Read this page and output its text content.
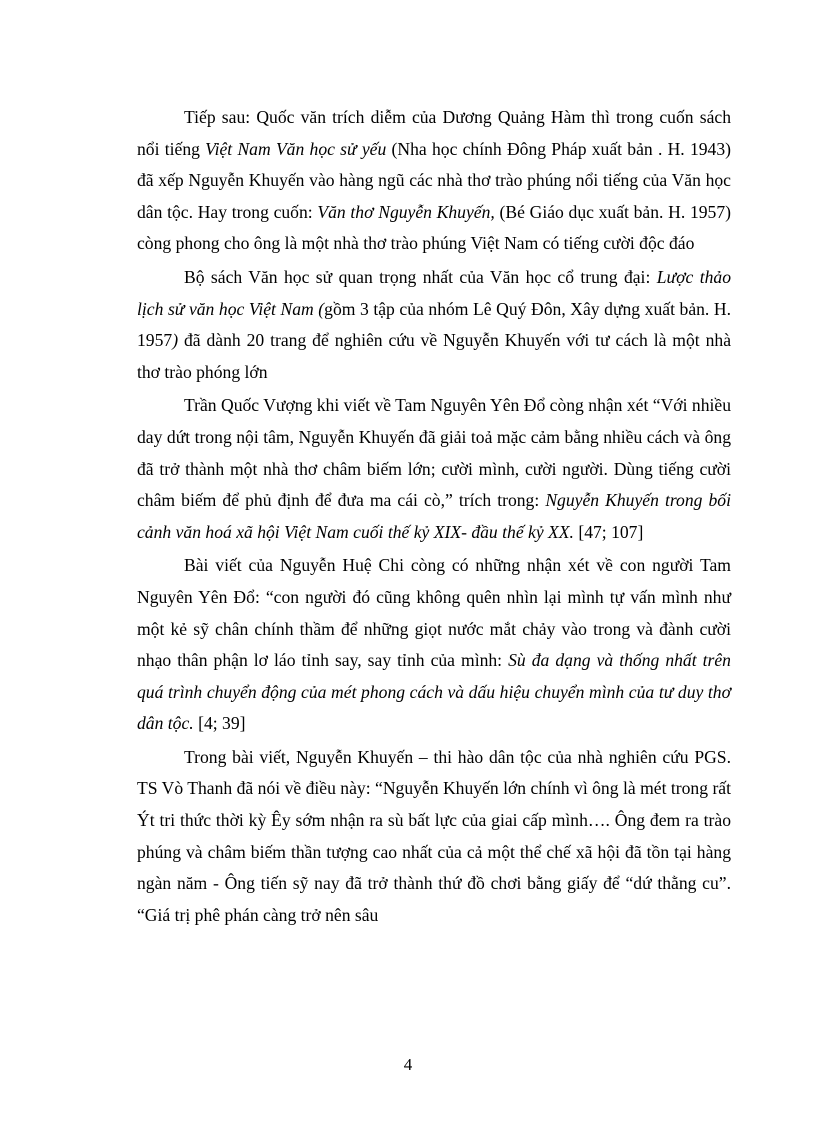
Tiếp sau: Quốc văn trích diễm của Dương Quảng Hàm thì trong cuốn sách nổi tiếng Việt Nam Văn học sử yếu (Nha học chính Đông Pháp xuất bản . H. 1943) đã xếp Nguyễn Khuyến vào hàng ngũ các nhà thơ trào phúng nổi tiếng của Văn học dân tộc. Hay trong cuốn: Văn thơ Nguyễn Khuyến, (Bé Giáo dục xuất bản. H. 1957) còng phong cho ông là một nhà thơ trào phúng Việt Nam có tiếng cười độc đáo

Bộ sách Văn học sử quan trọng nhất của Văn học cổ trung đại: Lược thảo lịch sử văn học Việt Nam (gồm 3 tập của nhóm Lê Quý Đôn, Xây dựng xuất bản. H. 1957) đã dành 20 trang để nghiên cứu về Nguyễn Khuyến với tư cách là một nhà thơ trào phóng lớn

Trần Quốc Vượng khi viết về Tam Nguyên Yên Đổ còng nhận xét “Với nhiều day dứt trong nội tâm, Nguyễn Khuyến đã giải toả mặc cảm bằng nhiều cách và ông đã trở thành một nhà thơ châm biếm lớn; cười mình, cười người. Dùng tiếng cười châm biếm để phủ định để đưa ma cái cò,” trích trong: Nguyễn Khuyến trong bối cảnh văn hoá xã hội Việt Nam cuối thế kỷ XIX- đầu thế kỷ XX. [47; 107]

Bài viết của Nguyễn Huệ Chi còng có những nhận xét về con người Tam Nguyên Yên Đổ: “con người đó cũng không quên nhìn lại mình tự vấn mình như một kẻ sỹ chân chính thầm để những giọt nước mắt chảy vào trong và đành cười nhạo thân phận lơ láo tỉnh say, say tỉnh của mình: Sù đa dạng và thống nhất trên quá trình chuyển động của mét phong cách và dấu hiệu chuyển mình của tư duy thơ dân tộc. [4; 39]

Trong bài viết, Nguyễn Khuyến – thi hào dân tộc của nhà nghiên cứu PGS. TS Vò Thanh đã nói về điều này: “Nguyễn Khuyến lớn chính vì ông là mét trong rất Ýt tri thức thời kỳ Êy sớm nhận ra sù bất lực của giai cấp mình…. Ông đem ra trào phúng và châm biếm thần tượng cao nhất của cả một thể chế xã hội đã tồn tại hàng ngàn năm - Ông tiến sỹ nay đã trở thành thứ đồ chơi bằng giấy để “dứ thằng cu”. “Giá trị phê phán càng trở nên sâu

4
